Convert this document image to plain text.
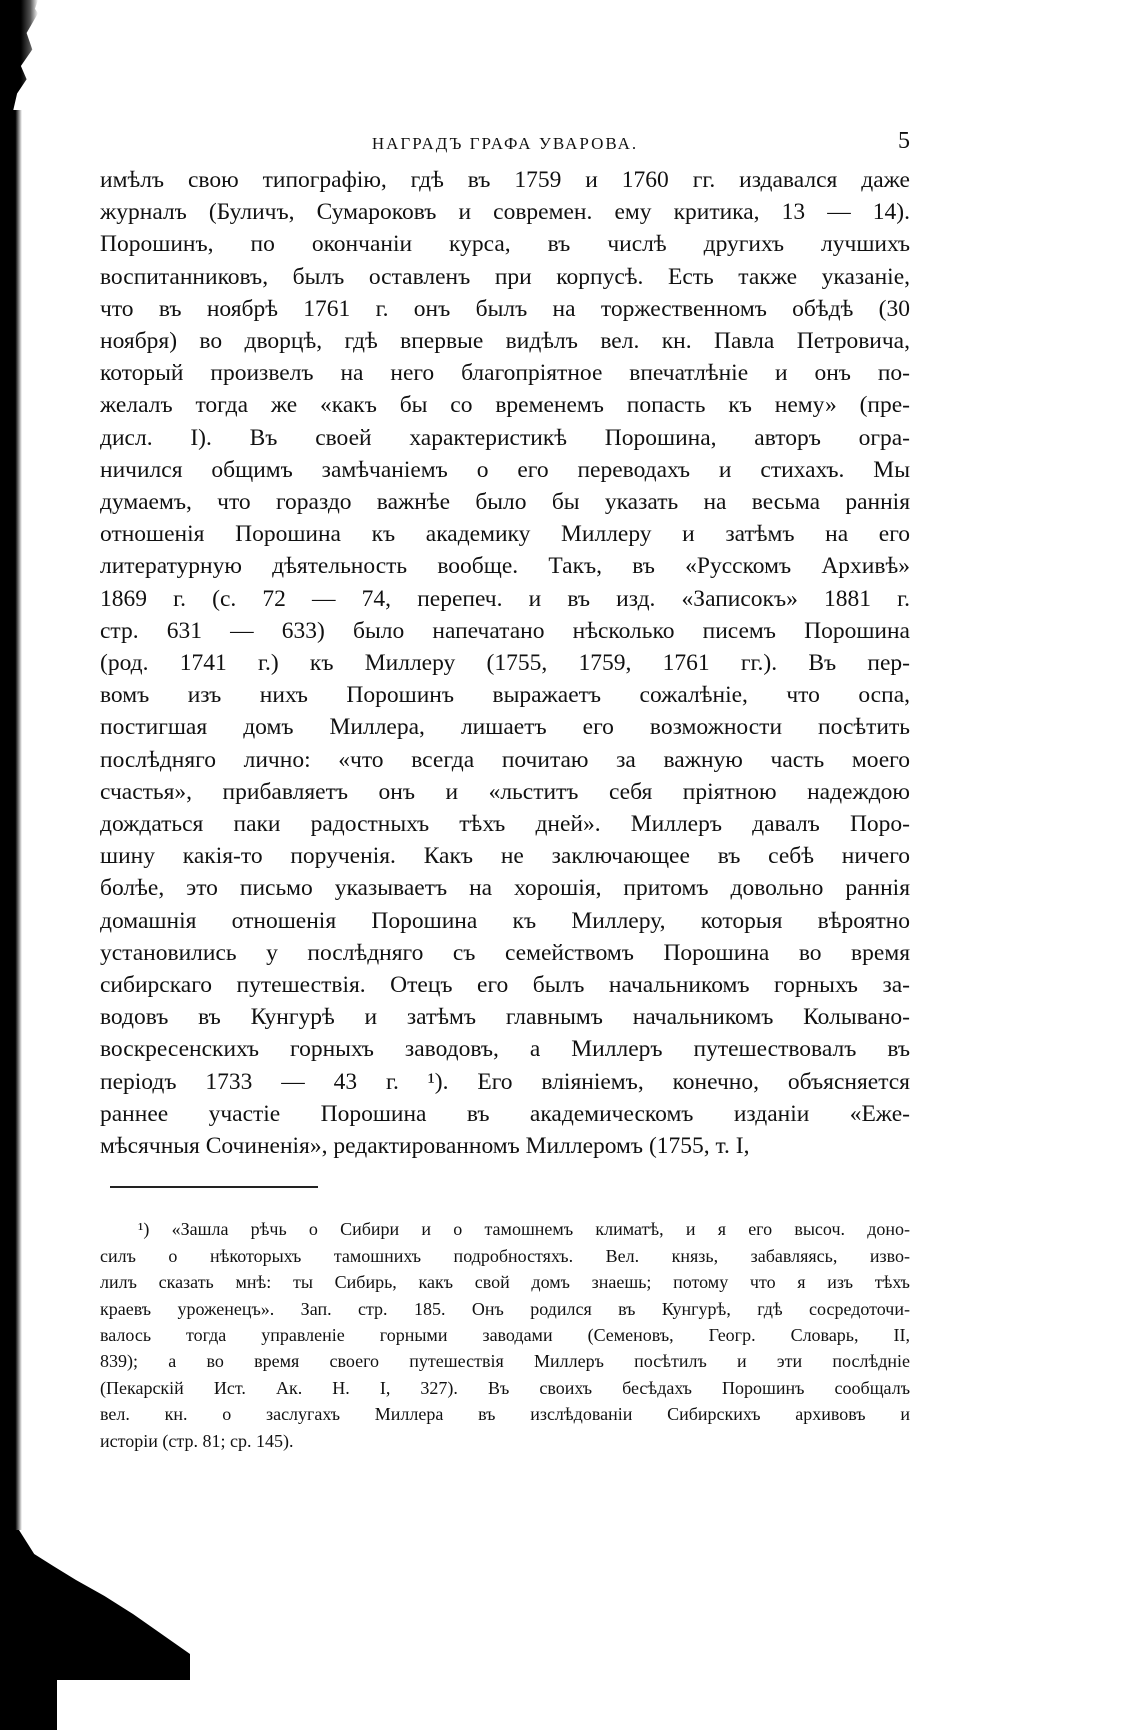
НАГРАДЪ ГРАФА УВАРОВА.	5
имѣлъ свою типографію, гдѣ въ 1759 и 1760 гг. издавался даже
журналъ (Буличъ, Сумароковъ и современ. ему критика, 13 — 14).
Порошинъ, по окончаніи курса, въ числѣ другихъ лучшихъ
воспитанниковъ, былъ оставленъ при корпусѣ. Есть также указаніе,
что въ ноябрѣ 1761 г. онъ былъ на торжественномъ обѣдѣ (30
ноября) во дворцѣ, гдѣ впервые видѣлъ вел. кн. Павла Петровича,
который произвелъ на него благопріятное впечатлѣніе и онъ по-
желалъ тогда же «какъ бы со временемъ попасть къ нему» (пре-
дисл. I). Въ своей характеристикѣ Порошина, авторъ огра-
ничился общимъ замѣчаніемъ о его переводахъ и стихахъ. Мы
думаемъ, что гораздо важнѣе было бы указать на весьма раннія
отношенія Порошина къ академику Миллеру и затѣмъ на его
литературную дѣятельность вообще. Такъ, въ «Русскомъ Архивѣ»
1869 г. (с. 72 — 74, перепеч. и въ изд. «Записокъ» 1881 г.
стр. 631 — 633) было напечатано нѣсколько писемъ Порошина
(род. 1741 г.) къ Миллеру (1755, 1759, 1761 гг.). Въ пер-
вомъ изъ нихъ Порошинъ выражаетъ сожалѣніе, что оспа,
постигшая домъ Миллера, лишаетъ его возможности посѣтить
послѣдняго лично: «что всегда почитаю за важную часть моего
счастья», прибавляетъ онъ и «льститъ себя пріятною надеждою
дождаться паки радостныхъ тѣхъ дней». Миллеръ давалъ Поро-
шину какія-то порученія. Какъ не заключающее въ себѣ ничего
болѣе, это письмо указываетъ на хорошія, притомъ довольно раннія
домашнія отношенія Порошина къ Миллеру, которыя вѣроятно
установились у послѣдняго съ семействомъ Порошина во время
сибирскаго путешествія. Отецъ его былъ начальникомъ горныхъ за-
водовъ въ Кунгурѣ и затѣмъ главнымъ начальникомъ Колывано-
воскресенскихъ горныхъ заводовъ, а Миллеръ путешествовалъ въ
періодъ 1733 — 43 г. ¹). Его вліяніемъ, конечно, объясняется
раннее участіе Порошина въ академическомъ изданіи «Еже-
мѣсячныя Сочиненія», редактированномъ Миллеромъ (1755, т. I,
¹) «Зашла рѣчь о Сибири и о тамошнемъ климатѣ, и я его высоч. доно-
силъ о нѣкоторыхъ тамошнихъ подробностяхъ. Вел. князь, забавляясь, изво-
лилъ сказать мнѣ: ты Сибирь, какъ свой домъ знаешь; потому что я изъ тѣхъ
краевъ уроженецъ». Зап. стр. 185. Онъ родился въ Кунгурѣ, гдѣ сосредоточи-
валось тогда управленіе горными заводами (Семеновъ, Геогр. Словарь, II,
839); а во время своего путешествія Миллеръ посѣтилъ и эти послѣдніе
(Пекарскій Ист. Ак. Н. I, 327). Въ своихъ бесѣдахъ Порошинъ сообщалъ
вел. кн. о заслугахъ Миллера въ изслѣдованіи Сибирскихъ архивовъ и
исторіи (стр. 81; ср. 145).
